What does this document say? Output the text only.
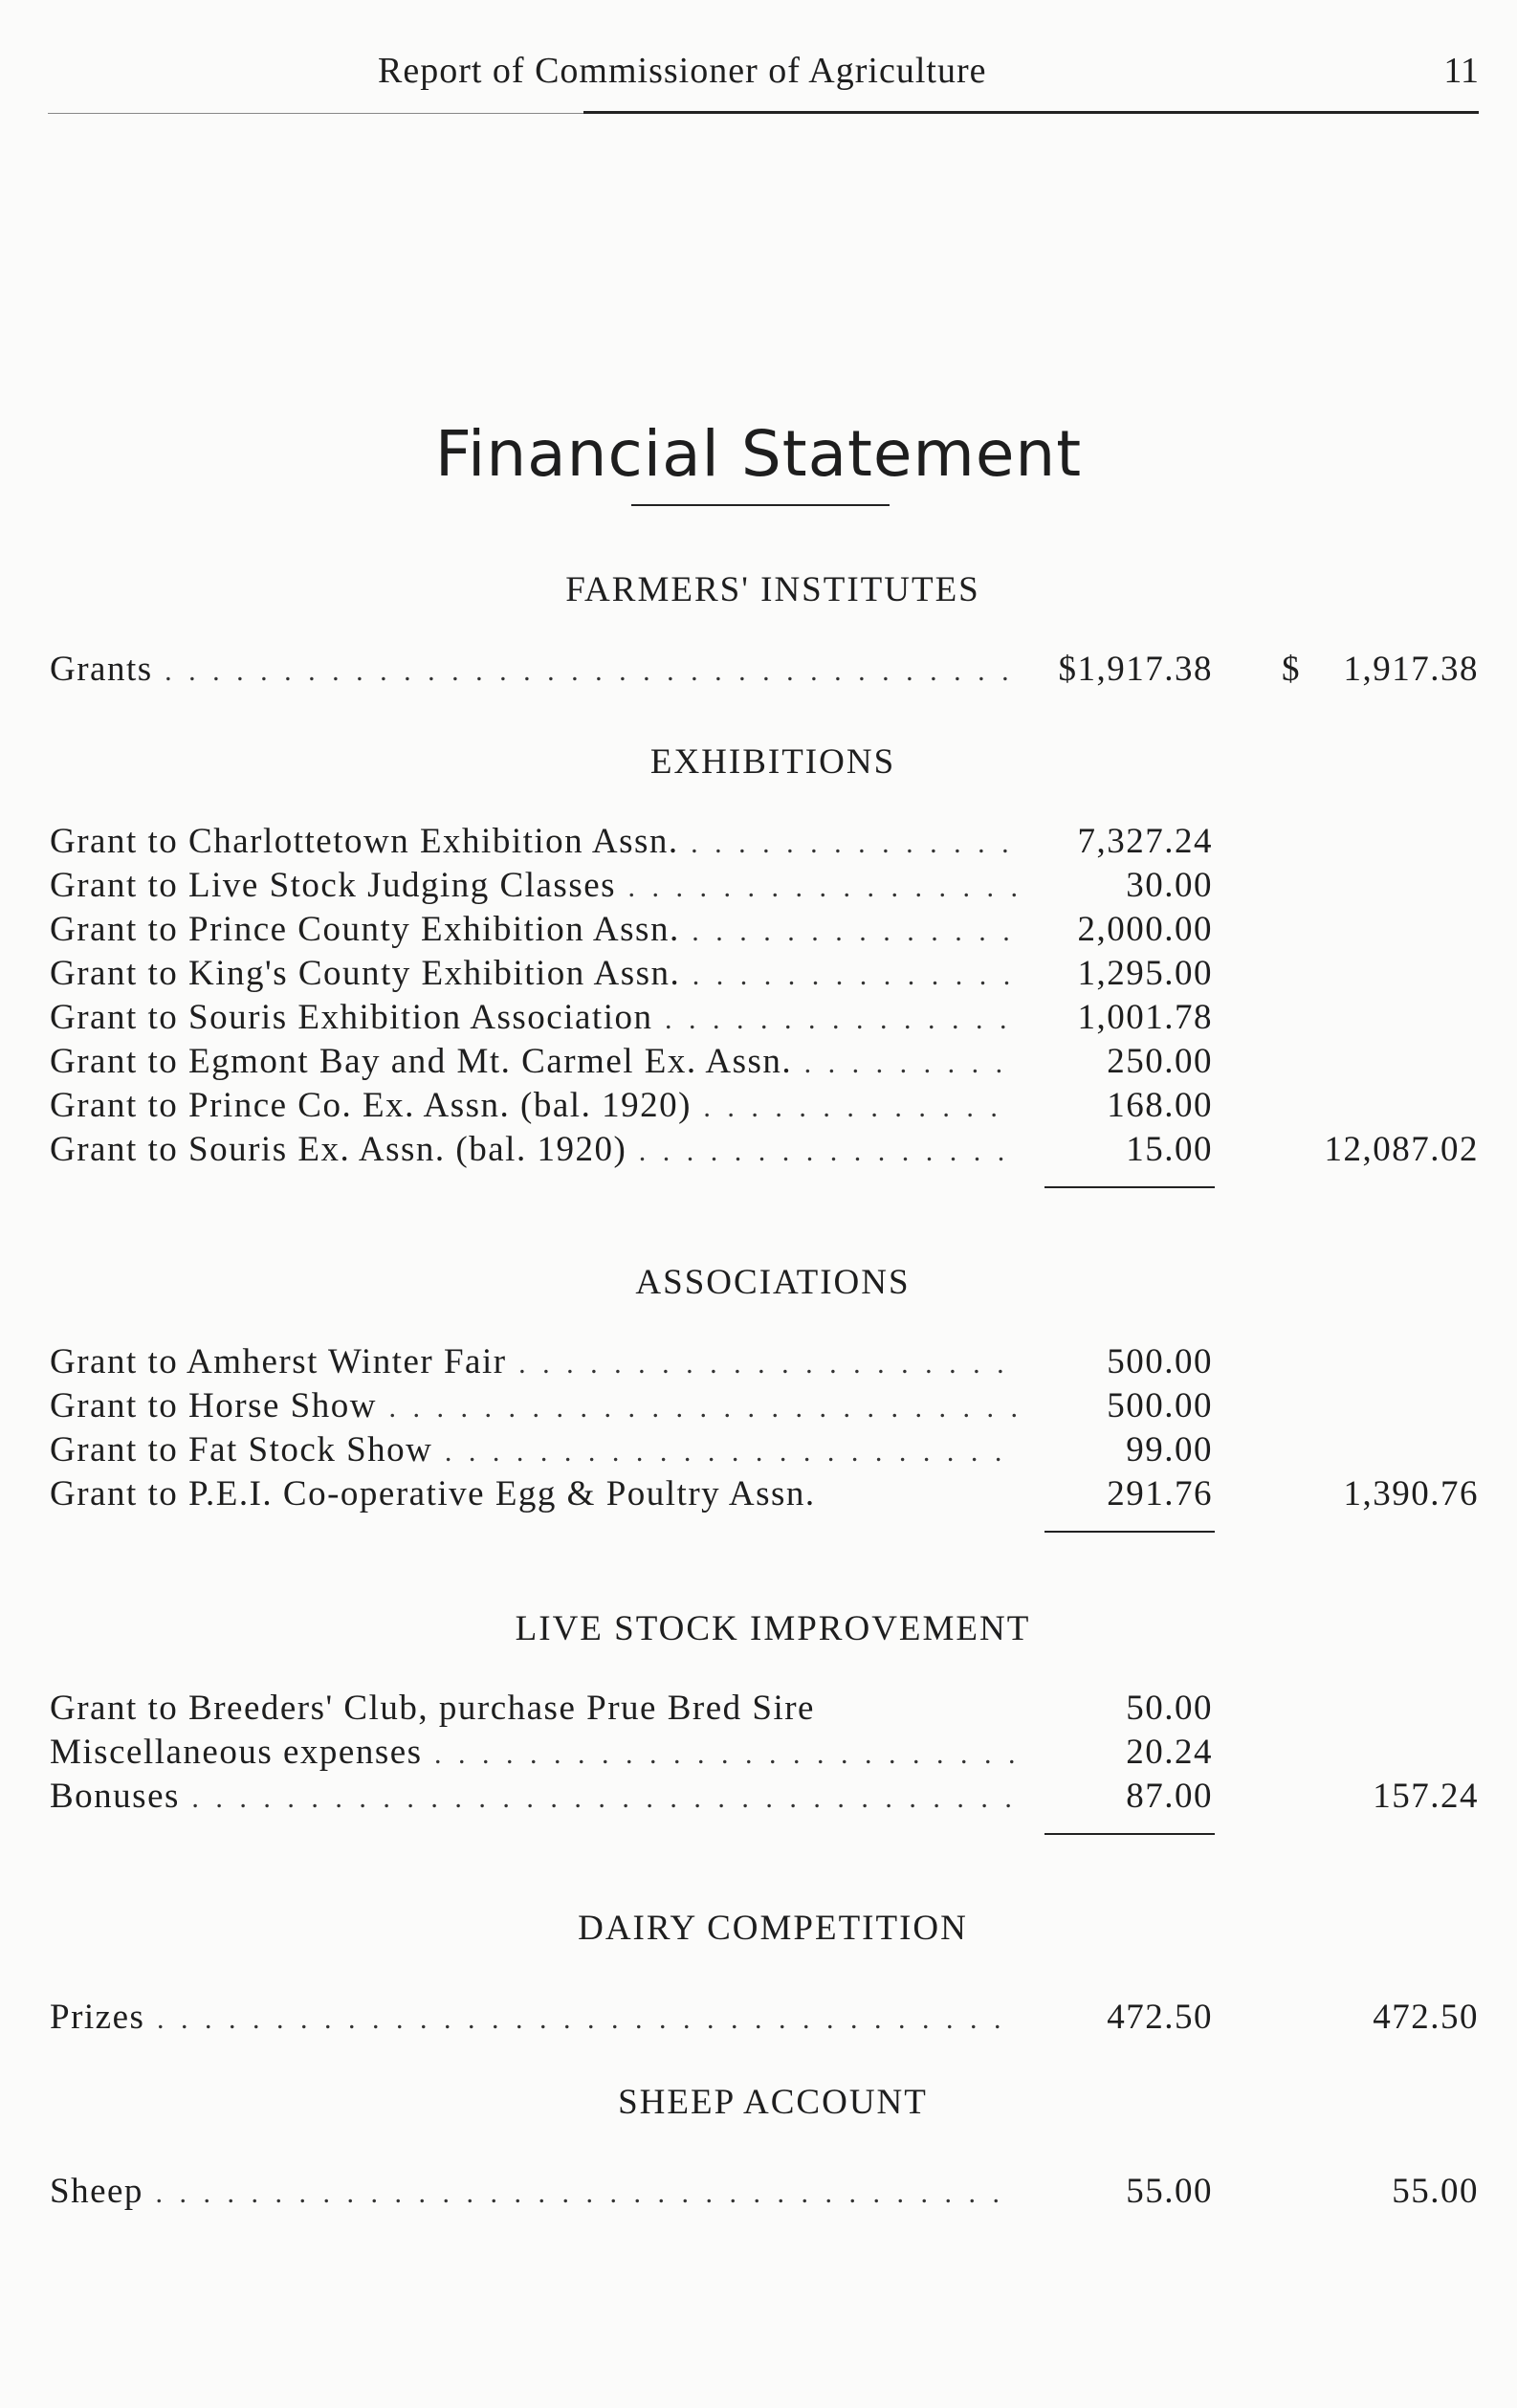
Report of Commissioner of Agriculture	11
Financial Statement
FARMERS' INSTITUTES
Grants . . .	$1,917.38 $ 1,917.38
EXHIBITIONS
Grant to Charlottetown Exhibition Assn. . . .	7,327.24
Grant to Live Stock Judging Classes . . .	30.00
Grant to Prince County Exhibition Assn. . . .	2,000.00
Grant to King's County Exhibition Assn. . . .	1,295.00
Grant to Souris Exhibition Association . . .	1,001.78
Grant to Egmont Bay and Mt. Carmel Ex. Assn. . . .	250.00
Grant to Prince Co. Ex. Assn. (bal. 1920) . . .	168.00
Grant to Souris Ex. Assn. (bal. 1920) . . .	15.00	12,087.02
ASSOCIATIONS
Grant to Amherst Winter Fair . . .	500.00
Grant to Horse Show . . .	500.00
Grant to Fat Stock Show . . .	99.00
Grant to P.E.I. Co-operative Egg & Poultry Assn.	291.76	1,390.76
LIVE STOCK IMPROVEMENT
Grant to Breeders' Club, purchase Prue Bred Sire	50.00
Miscellaneous expenses . . .	20.24
Bonuses . . .	87.00	157.24
DAIRY COMPETITION
Prizes . . .	472.50	472.50
SHEEP ACCOUNT
Sheep . . .	55.00	55.00
